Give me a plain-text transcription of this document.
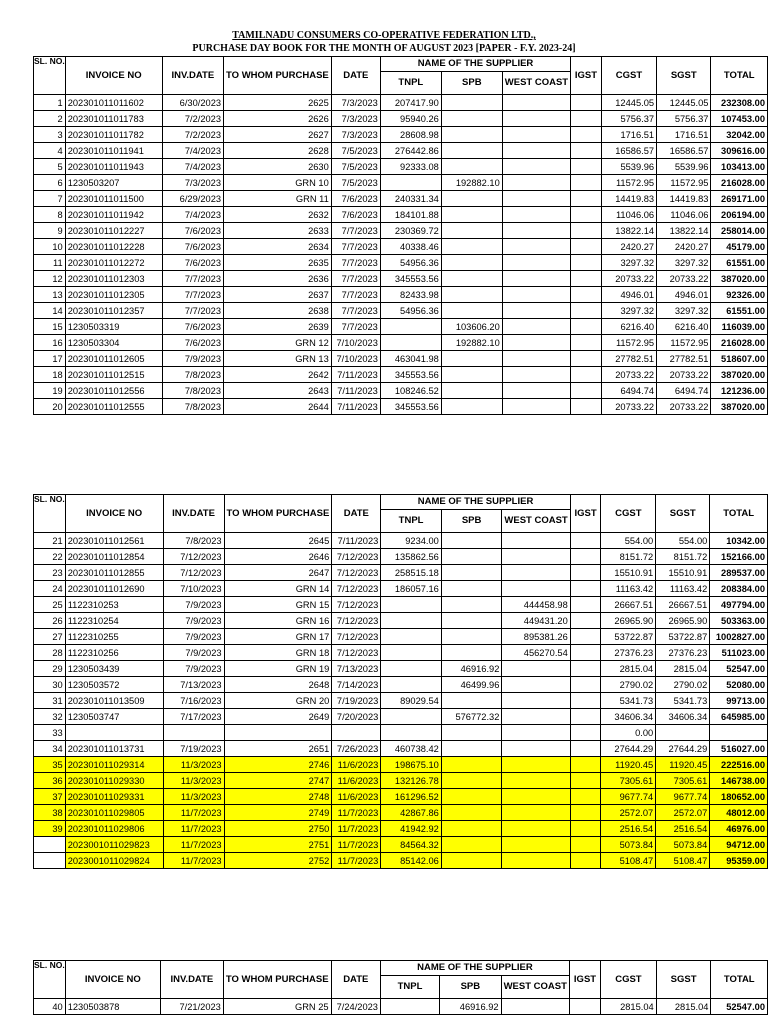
TAMILNADU CONSUMERS CO-OPERATIVE FEDERATION LTD.,
PURCHASE DAY BOOK FOR THE MONTH OF AUGUST 2023 [PAPER - F.Y. 2023-24]
SL. NO.	INVOICE NO	INV.DATE	TO WHOM PURCHASE	DATE	NAME OF THE SUPPLIER			IGST	CGST	SGST	TOTAL
					TNPL	SPB	WEST COAST				
1	202301011011602	6/30/2023	2625	7/3/2023	207417.90				12445.05	12445.05	232308.00
2	202301011011783	7/2/2023	2626	7/3/2023	95940.26				5756.37	5756.37	107453.00
3	202301011011782	7/2/2023	2627	7/3/2023	28608.98				1716.51	1716.51	32042.00
4	202301011011941	7/4/2023	2628	7/5/2023	276442.86				16586.57	16586.57	309616.00
5	202301011011943	7/4/2023	2630	7/5/2023	92333.08				5539.96	5539.96	103413.00
6	1230503207	7/3/2023	GRN 10	7/5/2023		192882.10			11572.95	11572.95	216028.00
7	202301011011500	6/29/2023	GRN 11	7/6/2023	240331.34				14419.83	14419.83	269171.00
8	202301011011942	7/4/2023	2632	7/6/2023	184101.88				11046.06	11046.06	206194.00
9	202301011012227	7/6/2023	2633	7/7/2023	230369.72				13822.14	13822.14	258014.00
10	202301011012228	7/6/2023	2634	7/7/2023	40338.46				2420.27	2420.27	45179.00
11	202301011012272	7/6/2023	2635	7/7/2023	54956.36				3297.32	3297.32	61551.00
12	202301011012303	7/7/2023	2636	7/7/2023	345553.56				20733.22	20733.22	387020.00
13	202301011012305	7/7/2023	2637	7/7/2023	82433.98				4946.01	4946.01	92326.00
14	202301011012357	7/7/2023	2638	7/7/2023	54956.36				3297.32	3297.32	61551.00
15	1230503319	7/6/2023	2639	7/7/2023		103606.20			6216.40	6216.40	116039.00
16	1230503304	7/6/2023	GRN 12	7/10/2023		192882.10			11572.95	11572.95	216028.00
17	202301011012605	7/9/2023	GRN 13	7/10/2023	463041.98				27782.51	27782.51	518607.00
18	202301011012515	7/8/2023	2642	7/11/2023	345553.56				20733.22	20733.22	387020.00
19	202301011012556	7/8/2023	2643	7/11/2023	108246.52				6494.74	6494.74	121236.00
20	202301011012555	7/8/2023	2644	7/11/2023	345553.56				20733.22	20733.22	387020.00
SL. NO.	INVOICE NO	INV.DATE	TO WHOM PURCHASE	DATE	NAME OF THE SUPPLIER			IGST	CGST	SGST	TOTAL
					TNPL	SPB	WEST COAST				
21	202301011012561	7/8/2023	2645	7/11/2023	9234.00				554.00	554.00	10342.00
22	202301011012854	7/12/2023	2646	7/12/2023	135862.56				8151.72	8151.72	152166.00
23	202301011012855	7/12/2023	2647	7/12/2023	258515.18				15510.91	15510.91	289537.00
24	202301011012690	7/10/2023	GRN 14	7/12/2023	186057.16				11163.42	11163.42	208384.00
25	1122310253	7/9/2023	GRN 15	7/12/2023			444458.98		26667.51	26667.51	497794.00
26	1122310254	7/9/2023	GRN 16	7/12/2023			449431.20		26965.90	26965.90	503363.00
27	1122310255	7/9/2023	GRN 17	7/12/2023			895381.26		53722.87	53722.87	1002827.00
28	1122310256	7/9/2023	GRN 18	7/12/2023			456270.54		27376.23	27376.23	511023.00
29	1230503439	7/9/2023	GRN 19	7/13/2023		46916.92			2815.04	2815.04	52547.00
30	1230503572	7/13/2023	2648	7/14/2023		46499.96			2790.02	2790.02	52080.00
31	202301011013509	7/16/2023	GRN 20	7/19/2023	89029.54				5341.73	5341.73	99713.00
32	1230503747	7/17/2023	2649	7/20/2023		576772.32			34606.34	34606.34	645985.00
33									0.00		
34	202301011013731	7/19/2023	2651	7/26/2023	460738.42				27644.29	27644.29	516027.00
35	202301011029314	11/3/2023	2746	11/6/2023	198675.10				11920.45	11920.45	222516.00
36	202301011029330	11/3/2023	2747	11/6/2023	132126.78				7305.61	7305.61	146738.00
37	202301011029331	11/3/2023	2748	11/6/2023	161296.52				9677.74	9677.74	180652.00
38	202301011029805	11/7/2023	2749	11/7/2023	42867.86				2572.07	2572.07	48012.00
39	202301011029806	11/7/2023	2750	11/7/2023	41942.92				2516.54	2516.54	46976.00
	2023001011029823	11/7/2023	2751	11/7/2023	84564.32				5073.84	5073.84	94712.00
	2023001011029824	11/7/2023	2752	11/7/2023	85142.06				5108.47	5108.47	95359.00
SL. NO.	INVOICE NO	INV.DATE	TO WHOM PURCHASE	DATE	NAME OF THE SUPPLIER			IGST	CGST	SGST	TOTAL
					TNPL	SPB	WEST COAST				
40	1230503878	7/21/2023	GRN 25	7/24/2023		46916.92			2815.04	2815.04	52547.00
